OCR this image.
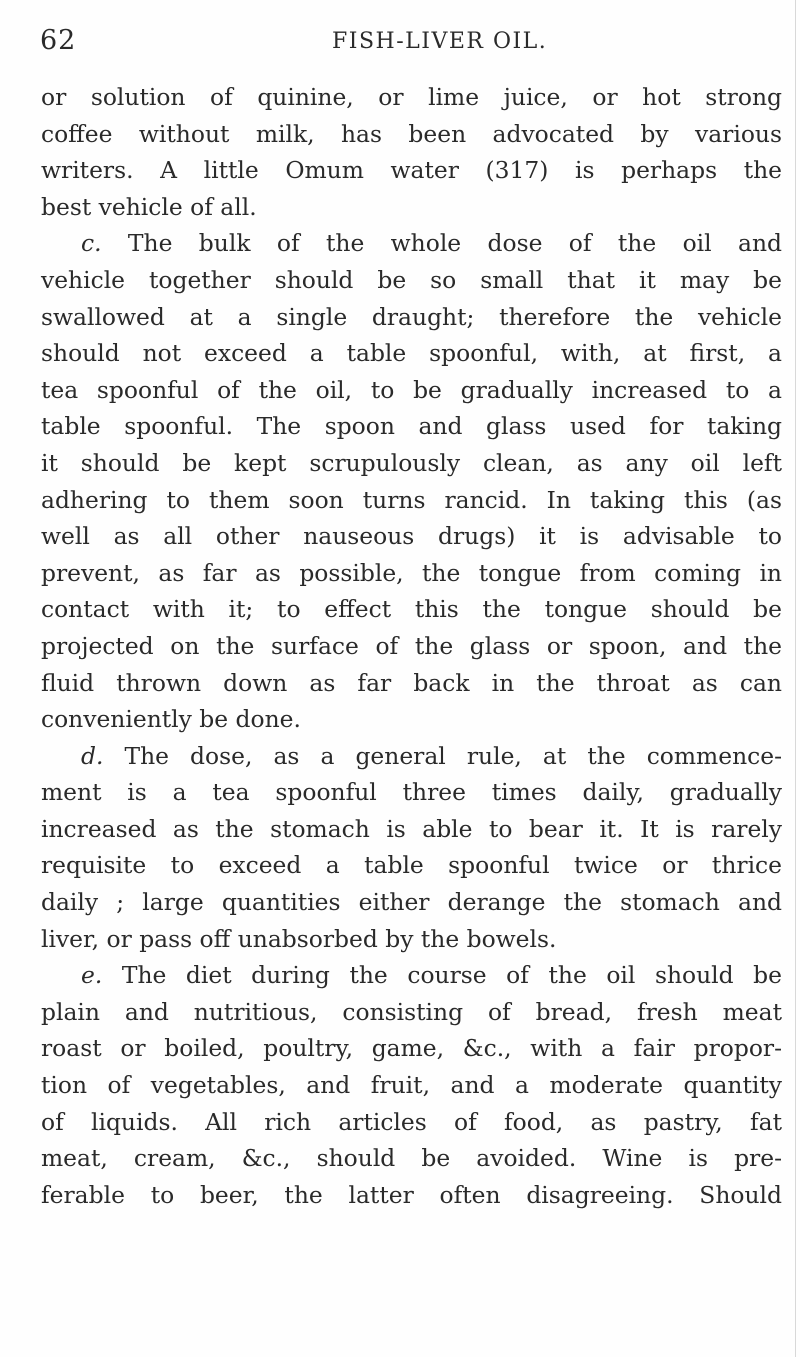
62	FISH-LIVER OIL.
or solution of quinine, or lime juice, or hot strong
coffee without milk, has been advocated by various
writers. A little Omum water (317) is perhaps the
best vehicle of all.
c. The bulk of the whole dose of the oil and
vehicle together should be so small that it may be
swallowed at a single draught; therefore the vehicle
should not exceed a table spoonful, with, at first, a
tea spoonful of the oil, to be gradually increased to a
table spoonful. The spoon and glass used for taking
it should be kept scrupulously clean, as any oil left
adhering to them soon turns rancid. In taking this (as
well as all other nauseous drugs) it is advisable to
prevent, as far as possible, the tongue from coming in
contact with it; to effect this the tongue should be
projected on the surface of the glass or spoon, and the
fluid thrown down as far back in the throat as can
conveniently be done.
d. The dose, as a general rule, at the commence-
ment is a tea spoonful three times daily, gradually
increased as the stomach is able to bear it. It is rarely
requisite to exceed a table spoonful twice or thrice
daily ; large quantities either derange the stomach and
liver, or pass off unabsorbed by the bowels.
e. The diet during the course of the oil should be
plain and nutritious, consisting of bread, fresh meat
roast or boiled, poultry, game, &c., with a fair propor-
tion of vegetables, and fruit, and a moderate quantity
of liquids. All rich articles of food, as pastry, fat
meat, cream, &c., should be avoided. Wine is pre-
ferable to beer, the latter often disagreeing. Should
